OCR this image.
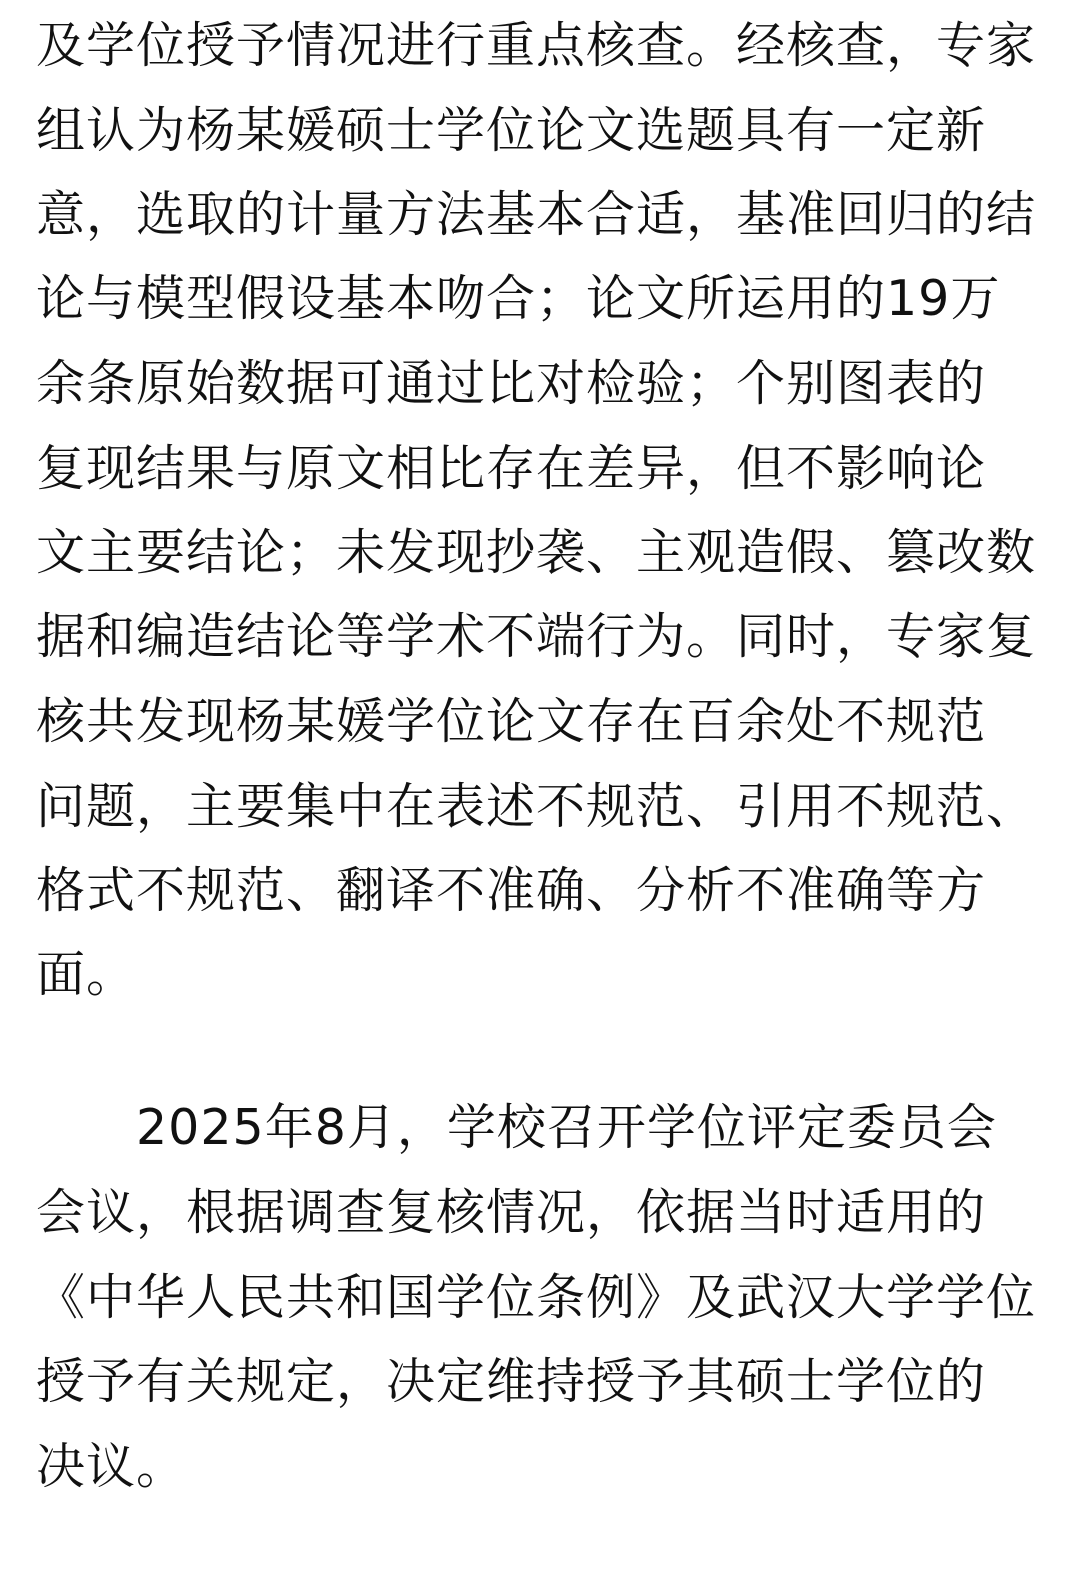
及学位授予情况进行重点核查。经核查，专家
组认为杨某媛硕士学位论文选题具有一定新
意，选取的计量方法基本合适，基准回归的结
论与模型假设基本吻合；论文所运用的19万
余条原始数据可通过比对检验；个别图表的
复现结果与原文相比存在差异，但不影响论
文主要结论；未发现抄袭、主观造假、篡改数
据和编造结论等学术不端行为。同时，专家复
核共发现杨某媛学位论文存在百余处不规范
问题，主要集中在表述不规范、引用不规范、
格式不规范、翻译不准确、分析不准确等方
面。
2025年8月，学校召开学位评定委员会
会议，根据调查复核情况，依据当时适用的
《中华人民共和国学位条例》及武汉大学学位
授予有关规定，决定维持授予其硕士学位的
决议。
